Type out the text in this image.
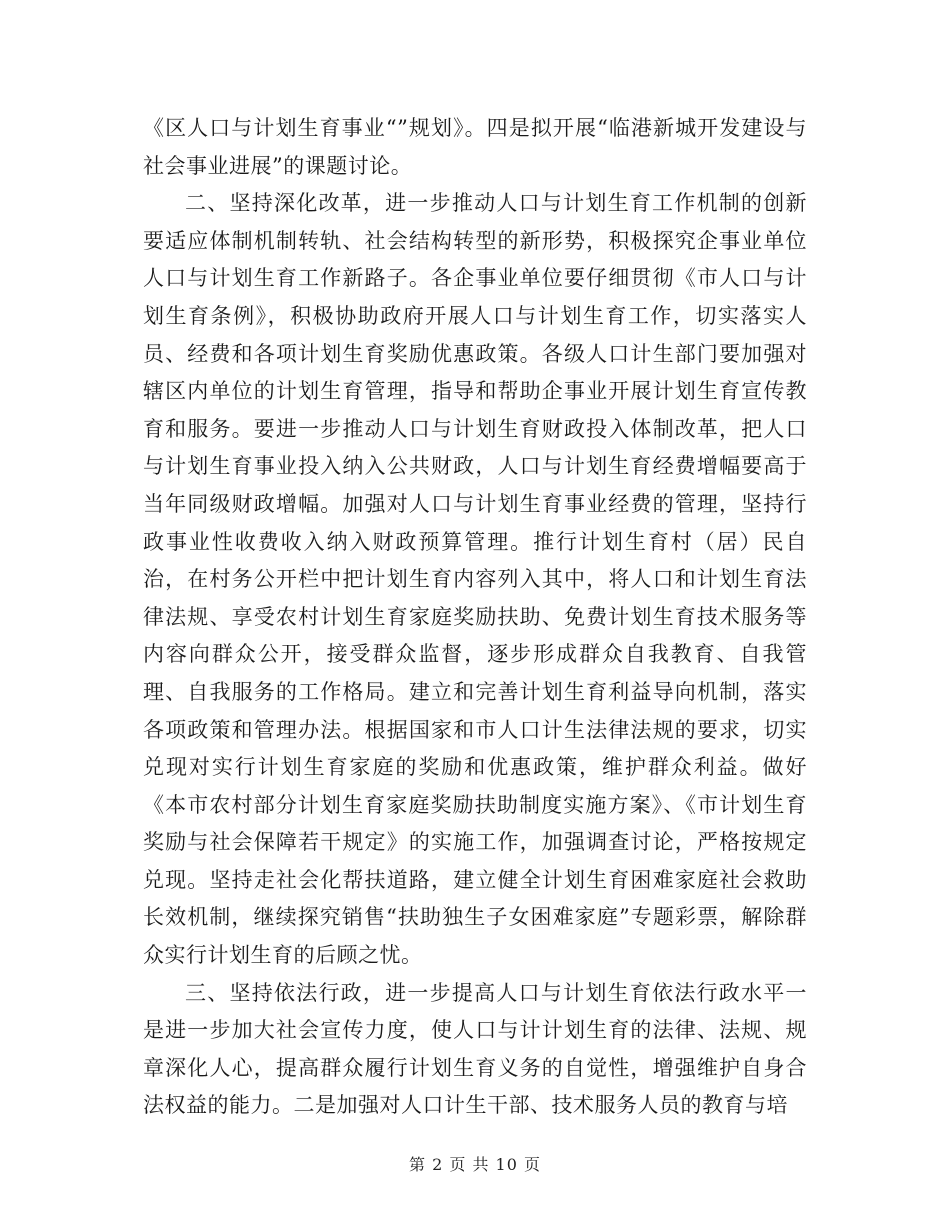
《区人口与计划生育事业“”规划》。四是拟开展“临港新城开发建设与社会事业进展”的课题讨论。

二、坚持深化改革，进一步推动人口与计划生育工作机制的创新要适应体制机制转轨、社会结构转型的新形势，积极探究企事业单位人口与计划生育工作新路子。各企事业单位要仔细贯彻《市人口与计划生育条例》，积极协助政府开展人口与计划生育工作，切实落实人员、经费和各项计划生育奖励优惠政策。各级人口计生部门要加强对辖区内单位的计划生育管理，指导和帮助企事业开展计划生育宣传教育和服务。要进一步推动人口与计划生育财政投入体制改革，把人口与计划生育事业投入纳入公共财政，人口与计划生育经费增幅要高于当年同级财政增幅。加强对人口与计划生育事业经费的管理，坚持行政事业性收费收入纳入财政预算管理。推行计划生育村（居）民自治，在村务公开栏中把计划生育内容列入其中，将人口和计划生育法律法规、享受农村计划生育家庭奖励扶助、免费计划生育技术服务等内容向群众公开，接受群众监督，逐步形成群众自我教育、自我管理、自我服务的工作格局。建立和完善计划生育利益导向机制，落实各项政策和管理办法。根据国家和市人口计生法律法规的要求，切实兑现对实行计划生育家庭的奖励和优惠政策，维护群众利益。做好《本市农村部分计划生育家庭奖励扶助制度实施方案》、《市计划生育奖励与社会保障若干规定》的实施工作，加强调查讨论，严格按规定兑现。坚持走社会化帮扶道路，建立健全计划生育困难家庭社会救助长效机制，继续探究销售“扶助独生子女困难家庭”专题彩票，解除群众实行计划生育的后顾之忧。

三、坚持依法行政，进一步提高人口与计划生育依法行政水平一是进一步加大社会宣传力度，使人口与计计划生育的法律、法规、规章深化人心，提高群众履行计划生育义务的自觉性，增强维护自身合法权益的能力。二是加强对人口计生干部、技术服务人员的教育与培

第 2 页 共 10 页
